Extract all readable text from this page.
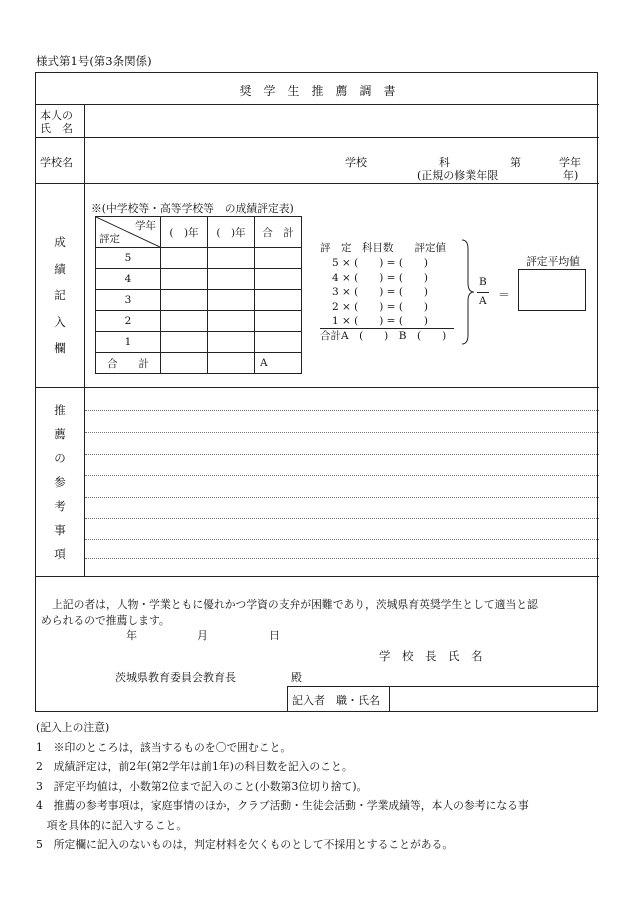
様式第1号(第3条関係)
奨 学 生 推 薦 調 書
本人の
氏　名
学校名	学校	科	第	学年
(正規の修業年限	年)
成
績
記
入
欄
※(中学校等・高等学校等　の成績評定表)
学年
評定	(　)年	(　)年	合　計
5			
4			
3			
2			
1			
合　　計			A
評　定　科目数　　評定値
5 × (　　) = (　　)
4 × (　　) = (　　)
3 × (　　) = (　　)
2 × (　　) = (　　)
1 × (　　) = (　　)
合計A　(　　)　B　(　　)
B
A ＝
評定平均値
推
薦
の
参
考
事
項
上記の者は，人物・学業ともに優れかつ学資の支弁が困難であり，茨城県育英奨学生として適当と認
められるので推薦します。
年	月	日
学　校　長　氏　名
茨城県教育委員会教育長	殿
記入者　職・氏名
(記入上の注意)
1　※印のところは，該当するものを〇で囲むこと。
2　成績評定は，前2年(第2学年は前1年)の科目数を記入のこと。
3　評定平均値は，小数第2位まで記入のこと(小数第3位切り捨て)。
4　推薦の参考事項は，家庭事情のほか，クラブ活動・生徒会活動・学業成績等，本人の参考になる事
　項を具体的に記入すること。
5　所定欄に記入のないものは，判定材料を欠くものとして不採用とすることがある。
